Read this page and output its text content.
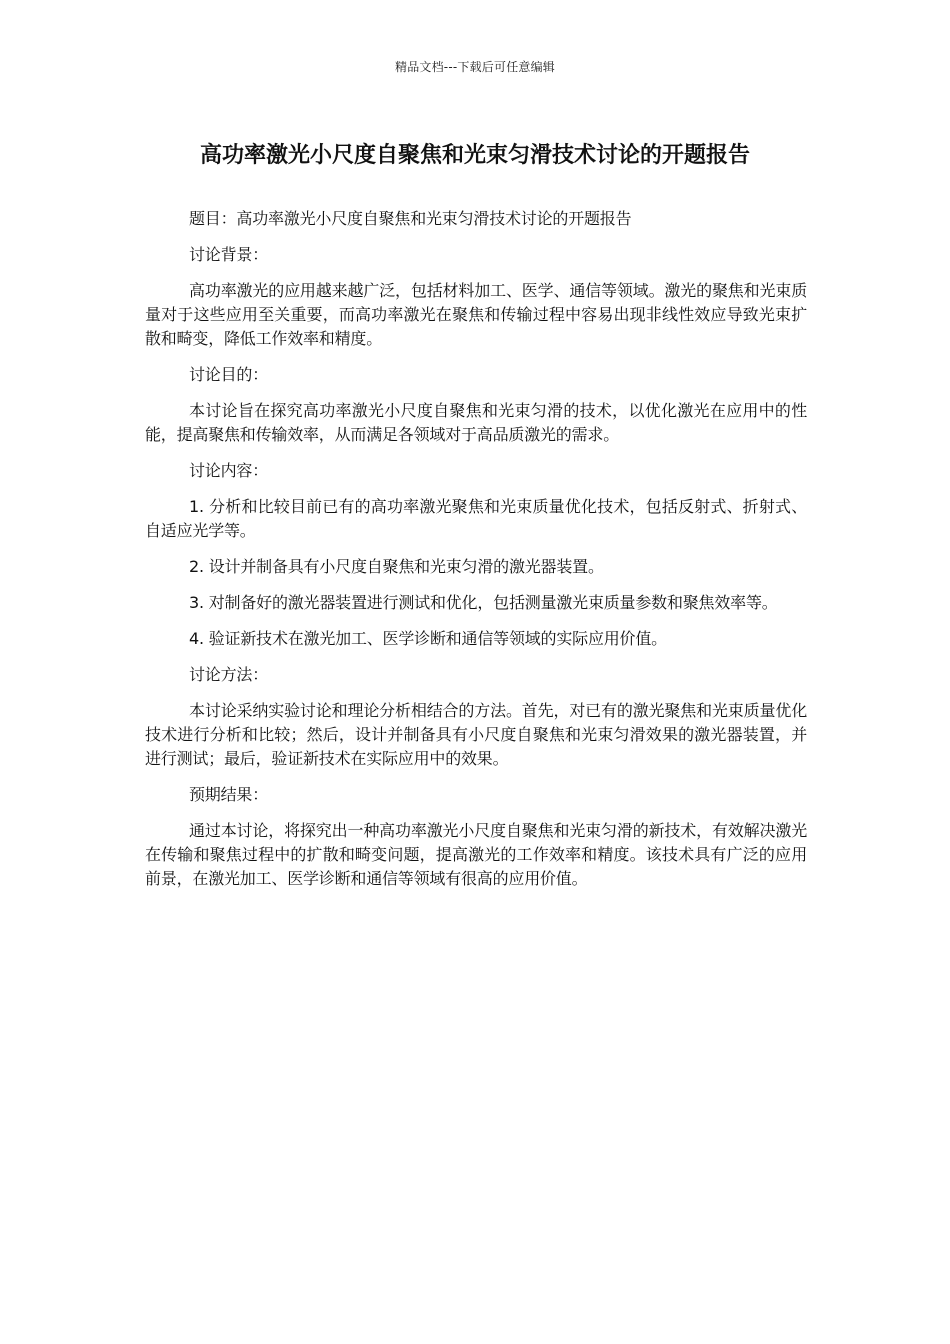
精品文档---下载后可任意编辑
高功率激光小尺度自聚焦和光束匀滑技术讨论的开题报告

题目：高功率激光小尺度自聚焦和光束匀滑技术讨论的开题报告

讨论背景：

高功率激光的应用越来越广泛，包括材料加工、医学、通信等领域。激光的聚焦和光束质量对于这些应用至关重要，而高功率激光在聚焦和传输过程中容易出现非线性效应导致光束扩散和畸变，降低工作效率和精度。

讨论目的：

本讨论旨在探究高功率激光小尺度自聚焦和光束匀滑的技术，以优化激光在应用中的性能，提高聚焦和传输效率，从而满足各领域对于高品质激光的需求。

讨论内容：

1. 分析和比较目前已有的高功率激光聚焦和光束质量优化技术，包括反射式、折射式、自适应光学等。

2. 设计并制备具有小尺度自聚焦和光束匀滑的激光器装置。

3. 对制备好的激光器装置进行测试和优化，包括测量激光束质量参数和聚焦效率等。

4. 验证新技术在激光加工、医学诊断和通信等领域的实际应用价值。

讨论方法：

本讨论采纳实验讨论和理论分析相结合的方法。首先，对已有的激光聚焦和光束质量优化技术进行分析和比较；然后，设计并制备具有小尺度自聚焦和光束匀滑效果的激光器装置，并进行测试；最后，验证新技术在实际应用中的效果。

预期结果：

通过本讨论，将探究出一种高功率激光小尺度自聚焦和光束匀滑的新技术，有效解决激光在传输和聚焦过程中的扩散和畸变问题，提高激光的工作效率和精度。该技术具有广泛的应用前景，在激光加工、医学诊断和通信等领域有很高的应用价值。
